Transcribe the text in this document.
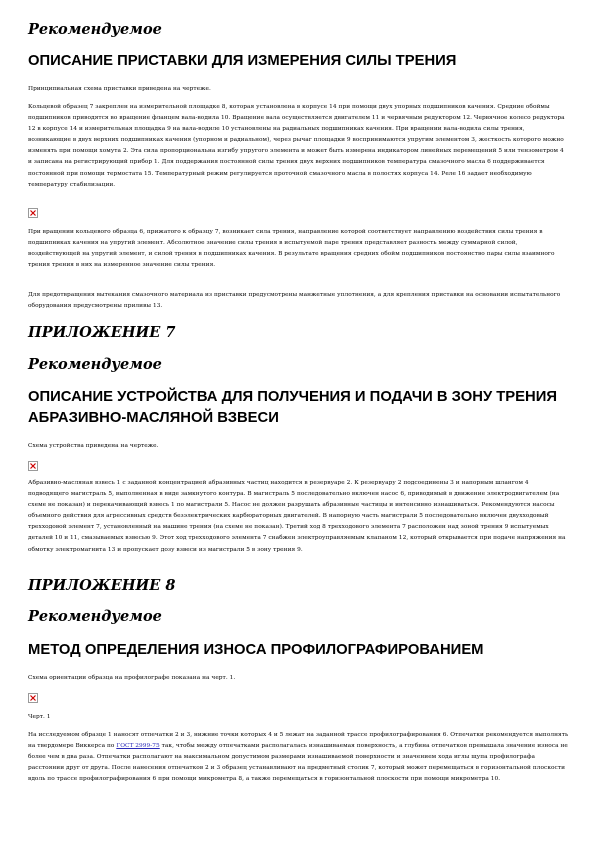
Рекомендуемое
ОПИСАНИЕ ПРИСТАВКИ ДЛЯ ИЗМЕРЕНИЯ СИЛЫ ТРЕНИЯ

Принципиальная схема приставки приведена на чертеже.

Кольцевой образец 7 закреплен на измерительной площадке 8, которая установлена в корпусе 14 при помощи двух упорных подшипников качения. Средние обоймы подшипников приводятся во вращение фланцем вала-водила 10. Вращение вала осуществляется двигателем 11 и червячным редуктором 12. Червячное колесо редуктора 12 в корпусе 14 и измерительная площадка 9 на вала-водиле 10 установлены на радиальных подшипниках качения. При вращении вала-водила силы трения, возникающие в двух верхних подшипниках качения (упорном и радиальном), через рычаг площадки 9 воспринимаются упругим элементом 3, жесткость которого можно изменять при помощи хомута 2. Эта сила пропорциональна изгибу упругого элемента и может быть измерена индикатором линейных перемещений 5 или тензометром 4 и записана на регистрирующий прибор 1. Для поддержания постоянной силы трения двух верхних подшипников температура смазочного масла 6 поддерживается постоянной при помощи термостата 15. Температурный режим регулируется проточной смазочного масла в полостях корпуса 14. Реле 16 задает необходимую температуру стабилизации.

При вращении кольцевого образца 6, прижатого к образцу 7, возникает сила трения, направление которой соответствует направлению воздействия силы трения в подшипниках качения на упругий элемент. Абсолютное значение силы трения в испытуемой паре трения представляет разность между суммарной силой, воздействующей на упругий элемент, и силой трения в подшипниках качения. В результате вращения средних обойм подшипников постоянство пары силы взаимного трения трения в них на измеренное значение силы трения.

Для предотвращения вытекания смазочного материала из приставки предусмотрены манжетные уплотнения, а для крепления приставки на основании испытательного оборудования предусмотрены приливы 13.

ПРИЛОЖЕНИЕ 7
Рекомендуемое
ОПИСАНИЕ УСТРОЙСТВА ДЛЯ ПОЛУЧЕНИЯ И ПОДАЧИ В ЗОНУ ТРЕНИЯ АБРАЗИВНО-МАСЛЯНОЙ ВЗВЕСИ

Схема устройства приведена на чертеже.

Абразивно-масляная взвесь 1 с заданной концентрацией абразивных частиц находится в резервуаре 2. К резервуару 2 подсоединены 3 и напорным шлангом 4 подводящего магистраль 5, выполненная в виде замкнутого контура. В магистраль 5 последовательно включен насос 6, приводимый в движение электродвигателем (на схеме не показан) и перекачивающий взвесь 1 по магистрали 5. Насос не должен разрушать абразивные частицы и интенсивно изнашиваться. Рекомендуются насосы объемного действия для агрессивных средств безэлектрических карбюраторных двигателей. В напорную часть магистрали 5 последовательно включен двухходовый трехходовой элемент 7, установленный на машине трения (на схеме не показан). Третий ход 8 трехходового элемента 7 расположен над зоной трения 9 испытуемых деталей 10 и 11, смазываемых взвесью 9. Этот ход трехходового элемента 7 снабжен электроуправляемым клапаном 12, который открывается при подаче напряжения на обмотку электромагнита 13 и пропускает дозу взвеси из магистрали 5 в зону трения 9.

ПРИЛОЖЕНИЕ 8
Рекомендуемое
МЕТОД ОПРЕДЕЛЕНИЯ ИЗНОСА ПРОФИЛОГРАФИРОВАНИЕМ

Схема ориентации образца на профилографе показана на черт. 1.

Черт. 1

На исследуемом образце 1 наносят отпечатки 2 и 3, нижние точки которых 4 и 5 лежат на заданной трассе профилографирования 6. Отпечатки рекомендуется выполнять на твердомере Виккерса по ГОСТ 2999-75 так, чтобы между отпечатками располагалась изнашиваемая поверхность, а глубина отпечатков превышала значение износа не более чем в два раза. Отпечатки располагают на максимальном допустимом размерами изнашиваемой поверхности и значением хода иглы щупа профилографа расстоянии друг от друга. После нанесения отпечатков 2 и 3 образец устанавливают на предметный столик 7, который может перемещаться в горизонтальной плоскости вдоль по трассе профилографирования 6 при помощи микрометра 8, а также перемещаться в горизонтальной плоскости при помощи микрометра 10.
